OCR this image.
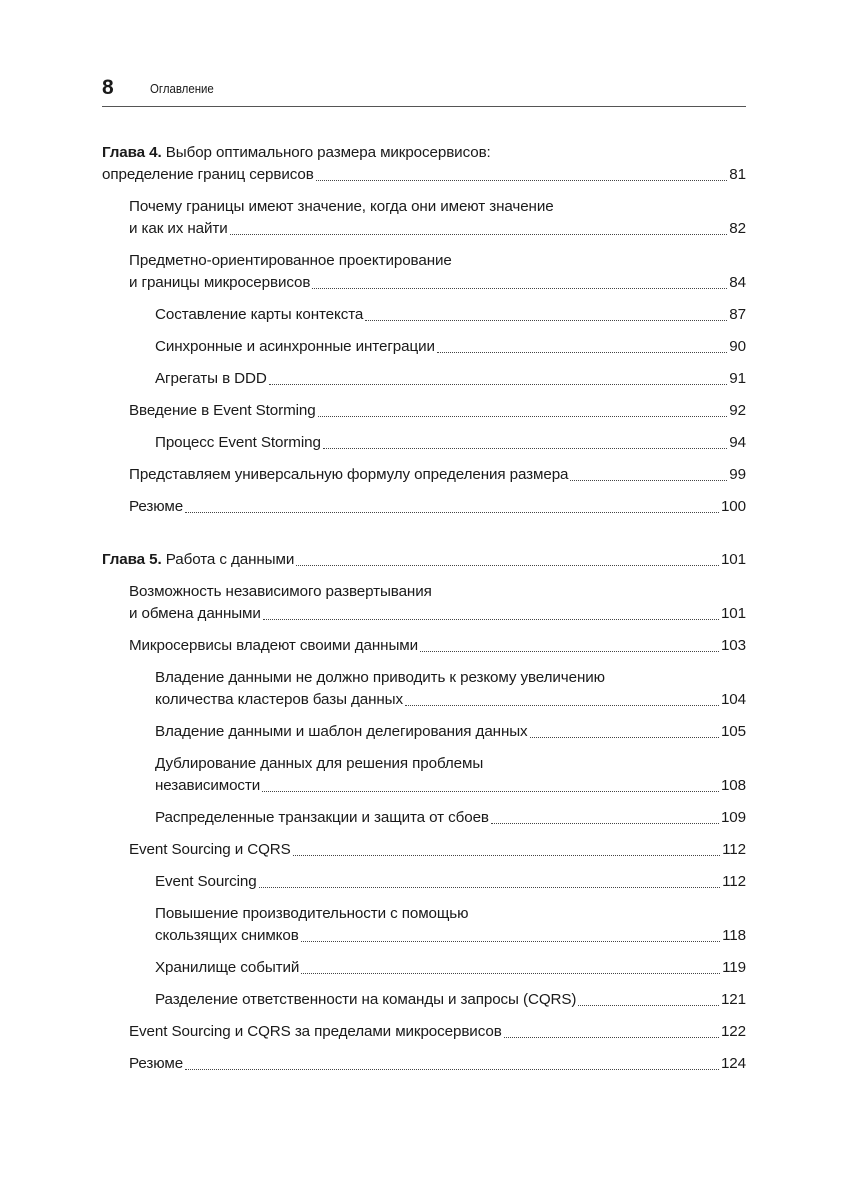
8	Оглавление
Глава 4. Выбор оптимального размера микросервисов:
определение границ сервисов	81
Почему границы имеют значение, когда они имеют значение
и как их найти	82
Предметно-ориентированное проектирование
и границы микросервисов	84
Составление карты контекста	87
Синхронные и асинхронные интеграции	90
Агрегаты в DDD	91
Введение в Event Storming	92
Процесс Event Storming	94
Представляем универсальную формулу определения размера	99
Резюме	100
Глава 5. Работа с данными	101
Возможность независимого развертывания
и обмена данными	101
Микросервисы владеют своими данными	103
Владение данными не должно приводить к резкому увеличению
количества кластеров базы данных	104
Владение данными и шаблон делегирования данных	105
Дублирование данных для решения проблемы
независимости	108
Распределенные транзакции и защита от сбоев	109
Event Sourcing и CQRS	112
Event Sourcing	112
Повышение производительности с помощью
скользящих снимков	118
Хранилище событий	119
Разделение ответственности на команды и запросы (CQRS)	121
Event Sourcing и CQRS за пределами микросервисов	122
Резюме	124
